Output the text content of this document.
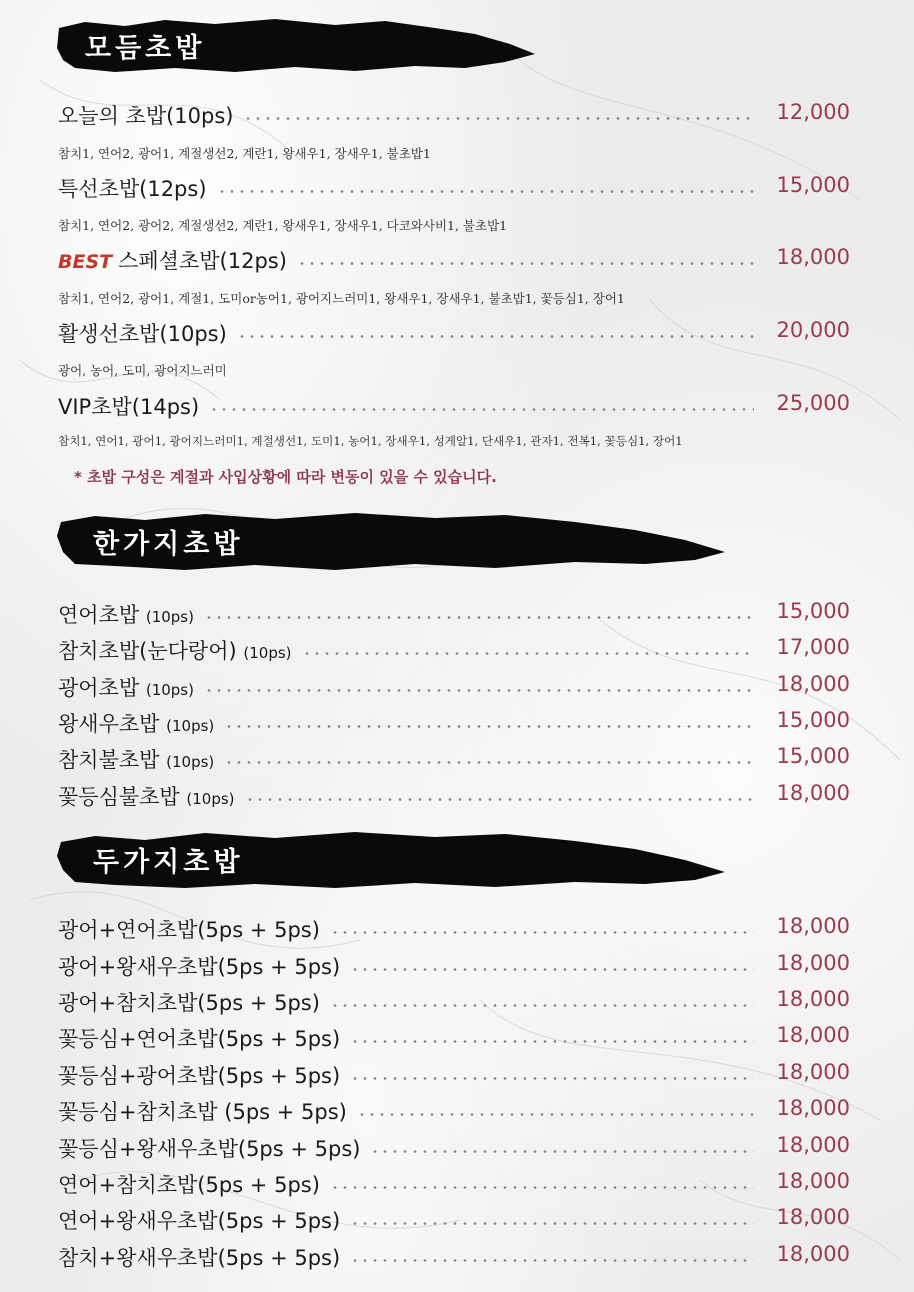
모듬초밥
오늘의 초밥(10ps)	12,000
참치1, 연어2, 광어1, 계절생선2, 계란1, 왕새우1, 장새우1, 불초밥1
특선초밥(12ps)	15,000
참치1, 연어2, 광어2, 계절생선2, 계란1, 왕새우1, 장새우1, 다코와사비1, 불초밥1
BEST 스페셜초밥(12ps)	18,000
참치1, 연어2, 광어1, 계절1, 도미or농어1, 광어지느러미1, 왕새우1, 장새우1, 불초밥1, 꽃등심1, 장어1
활생선초밥(10ps)	20,000
광어, 농어, 도미, 광어지느러미
VIP초밥(14ps)	25,000
참치1, 연어1, 광어1, 광어지느러미1, 계절생선1, 도미1, 농어1, 장새우1, 성게알1, 단새우1, 관자1, 전복1, 꽃등심1, 장어1
* 초밥 구성은 계절과 사입상황에 따라 변동이 있을 수 있습니다.
한가지초밥
연어초밥 (10ps)	15,000
참치초밥(눈다랑어) (10ps)	17,000
광어초밥 (10ps)	18,000
왕새우초밥 (10ps)	15,000
참치불초밥 (10ps)	15,000
꽃등심불초밥 (10ps)	18,000
두가지초밥
광어+연어초밥(5ps + 5ps)	18,000
광어+왕새우초밥(5ps + 5ps)	18,000
광어+참치초밥(5ps + 5ps)	18,000
꽃등심+연어초밥(5ps + 5ps)	18,000
꽃등심+광어초밥(5ps + 5ps)	18,000
꽃등심+참치초밥 (5ps + 5ps)	18,000
꽃등심+왕새우초밥(5ps + 5ps)	18,000
연어+참치초밥(5ps + 5ps)	18,000
연어+왕새우초밥(5ps + 5ps)	18,000
참치+왕새우초밥(5ps + 5ps)	18,000
